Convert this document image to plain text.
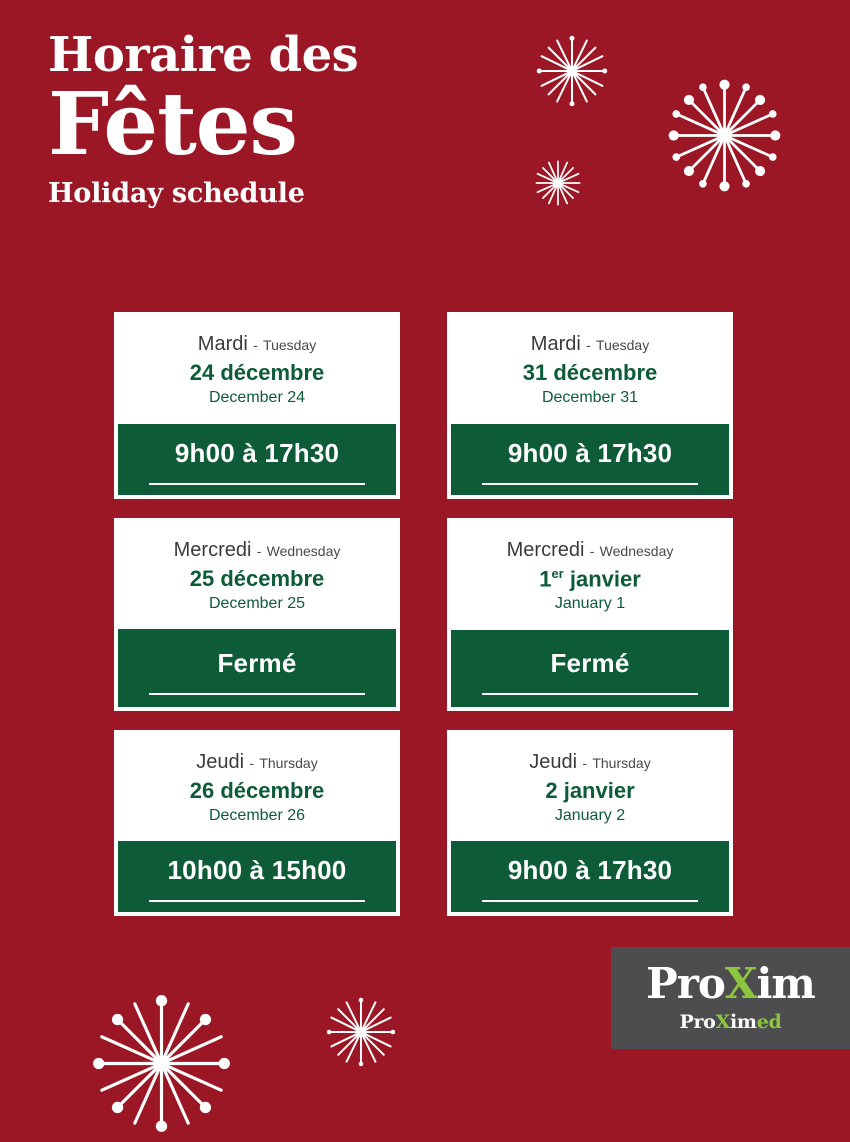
Horaire des
Fêtes
Holiday schedule
Mardi - Tuesday
24 décembre
December 24
9h00 à 17h30
Mardi - Tuesday
31 décembre
December 31
9h00 à 17h30
Mercredi - Wednesday
25 décembre
December 25
Fermé
Mercredi - Wednesday
1er janvier
January 1
Fermé
Jeudi - Thursday
26 décembre
December 26
10h00 à 15h00
Jeudi - Thursday
2 janvier
January 2
9h00 à 17h30
ProXim
ProXimed
